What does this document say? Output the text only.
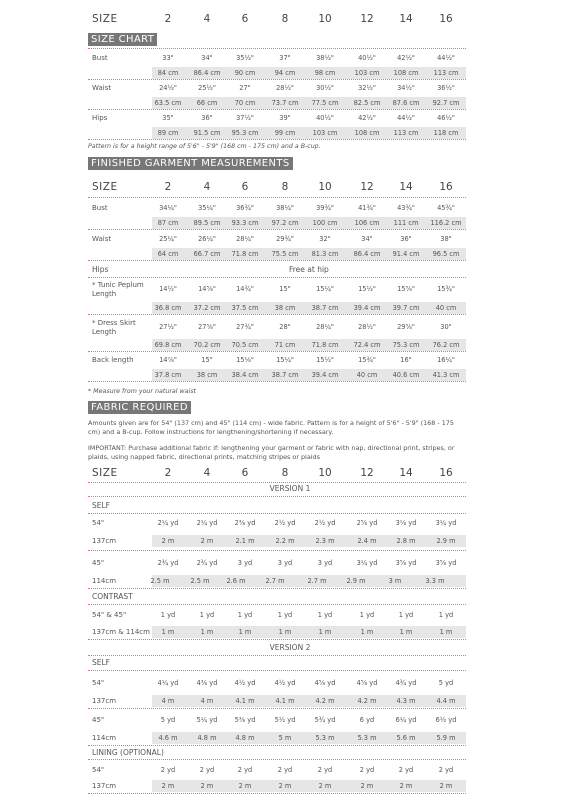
SIZE	2	4	6	8	10	12 14	16
SIZE CHART
Bust	33"	34"	35½"	37"	38½"	40½"	42½"	44½"
84 cm 86.4 cm 90 cm	94 cm	98 cm	103 cm 108 cm 113 cm
Waist	24½"	25½"	27"	28½"	30½"	32½"	34½"	36½"
63.5 cm 66 cm	70 cm 73.7 cm 77.5 cm 82.5 cm 87.6 cm 92.7 cm
Hips	35"	36"	37½"	39"	40½"	42½"	44½"	46½"
89 cm 91.5 cm 95.3 cm 99 cm	103 cm	108 cm 113 cm 118 cm
Pattern is for a height range of 5'6" - 5'9" (168 cm - 175 cm) and a B-cup.
FINISHED GARMENT MEASUREMENTS
SIZE	2	4	6	8	10	12 14	16
Bust	34¼"	35¼"	36¾"	38¼"	39¾"	41¾"	43¾"	45¾"
87 cm 89.5 cm 93.3 cm 97.2 cm 100 cm	106 cm 111 cm 116.2 cm
Waist	25¼"	26¼"	28¼"	29¾"	32"	34"	36"	38"
64 cm 66.7 cm 71.8 cm 75.5 cm 81.3 cm 86.4 cm 91.4 cm 96.5 cm
Hips	Free at hip
* Tunic Peplum
Length
14½"	14⅝"	14¾"	15"	15¼"	15½"	15⅝"	15¾"
36.8 cm 37.2 cm 37.5 cm 38 cm 38.7 cm 39.4 cm 39.7 cm 40 cm
* Dress Skirt
Length
27½"	27⅝"	27¾"	28"	28¼"	28½"	29⅝"	30"
69.8 cm 70.2 cm 70.5 cm 71 cm 71.8 cm 72.4 cm 75.3 cm 76.2 cm
Back length	14⅞"	15"	15⅛"	15¼"	15½"	15¾"	16"	16¼"
37.8 cm 38 cm 38.4 cm 38.7 cm 39.4 cm	40 cm 40.6 cm 41.3 cm
* Measure from your natural waist
FABRIC REQUIRED
Amounts given are for 54" (137 cm) and 45" (114 cm) - wide fabric. Pattern is for a height of 5'6" - 5'9" (168 - 175 cm) and a B-cup. Follow instructions for lengthening/shortening if necessary.
IMPORTANT: Purchase additional fabric if: lengthening your garment or fabric with nap, directional print, stripes, or plaids, using napped fabric, directional prints, matching stripes or plaids
SIZE	2	4	6	8	10	12 14	16
VERSION 1
SELF
54"	2¼ yd	2¼ yd	2⅜ yd	2½ yd	2½ yd	2⅝ yd	3⅛ yd	3¼ yd
137cm	2 m	2 m	2.1 m	2.2 m	2.3 m	2.4 m	2.8 m	2.9 m
45"	2¾ yd	2¾ yd	3 yd	3 yd	3 yd	3¼ yd	3⅝ yd	3⅝ yd
114cm	2.5 m	2.5 m	2.6 m	2.7 m	2.7 m	2.9 m	3 m	3.3 m
CONTRAST
54" & 45"	1 yd	1 yd	1 yd	1 yd	1 yd	1 yd	1 yd	1 yd
137cm & 114cm 1 m	1 m	1 m	1 m	1 m	1 m	1 m	1 m
VERSION 2
SELF
54"	4¼ yd	4⅜ yd	4½ yd	4½ yd	4⅝ yd	4⅝ yd	4¾ yd	5 yd
137cm	4 m	4 m	4.1 m	4.1 m	4.2 m	4.2 m	4.3 m	4.4 m
45"	5 yd	5¼ yd	5⅜ yd	5½ yd	5¾ yd	6 yd	6¼ yd	6½ yd
114cm	4.6 m	4.8 m	4.8 m	5 m	5.3 m	5.3 m	5.6 m	5.9 m
LINING (OPTIONAL)
54"	2 yd	2 yd	2 yd	2 yd	2 yd	2 yd	2 yd	2 yd
137cm	2 m	2 m	2 m	2 m	2 m	2 m	2 m	2 m
